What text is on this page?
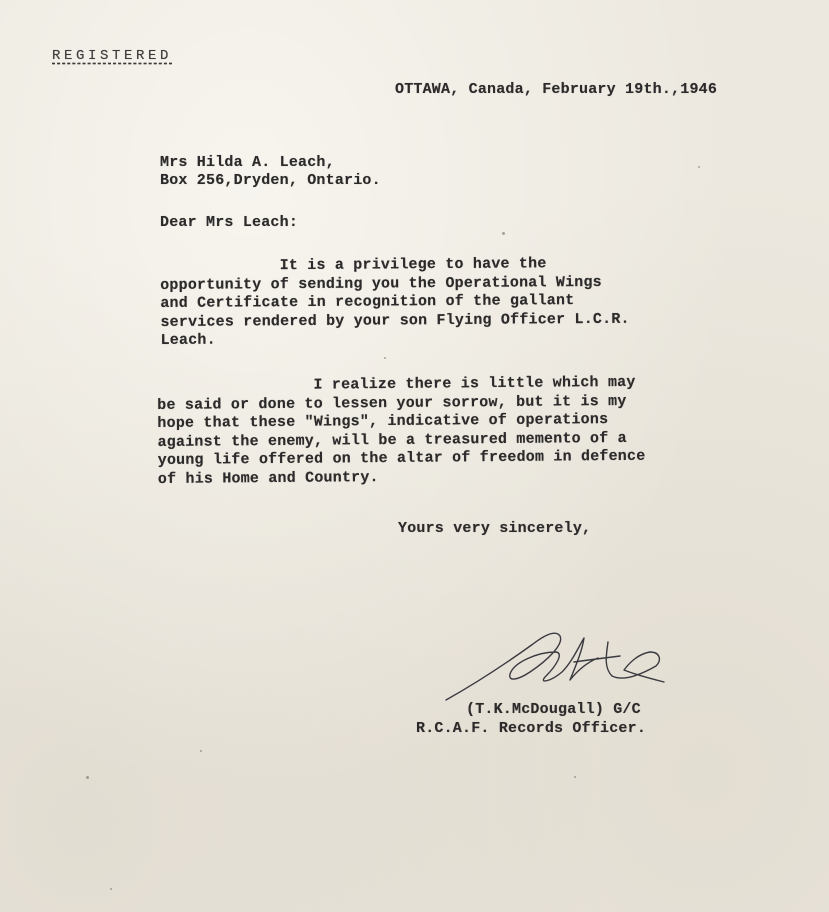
REGISTERED
OTTAWA, Canada, February 19th.,1946
Mrs Hilda A. Leach,
Box 256,Dryden, Ontario.
Dear Mrs Leach:
It is a privilege to have the
opportunity of sending you the Operational Wings
and Certificate in recognition of the gallant
services rendered by your son Flying Officer L.C.R.
Leach.
I realize there is little which may
be said or done to lessen your sorrow, but it is my
hope that these "Wings", indicative of operations
against the enemy, will be a treasured memento of a
young life offered on the altar of freedom in defence
of his Home and Country.
Yours very sincerely,
(T.K.McDougall) G/C
R.C.A.F. Records Officer.
